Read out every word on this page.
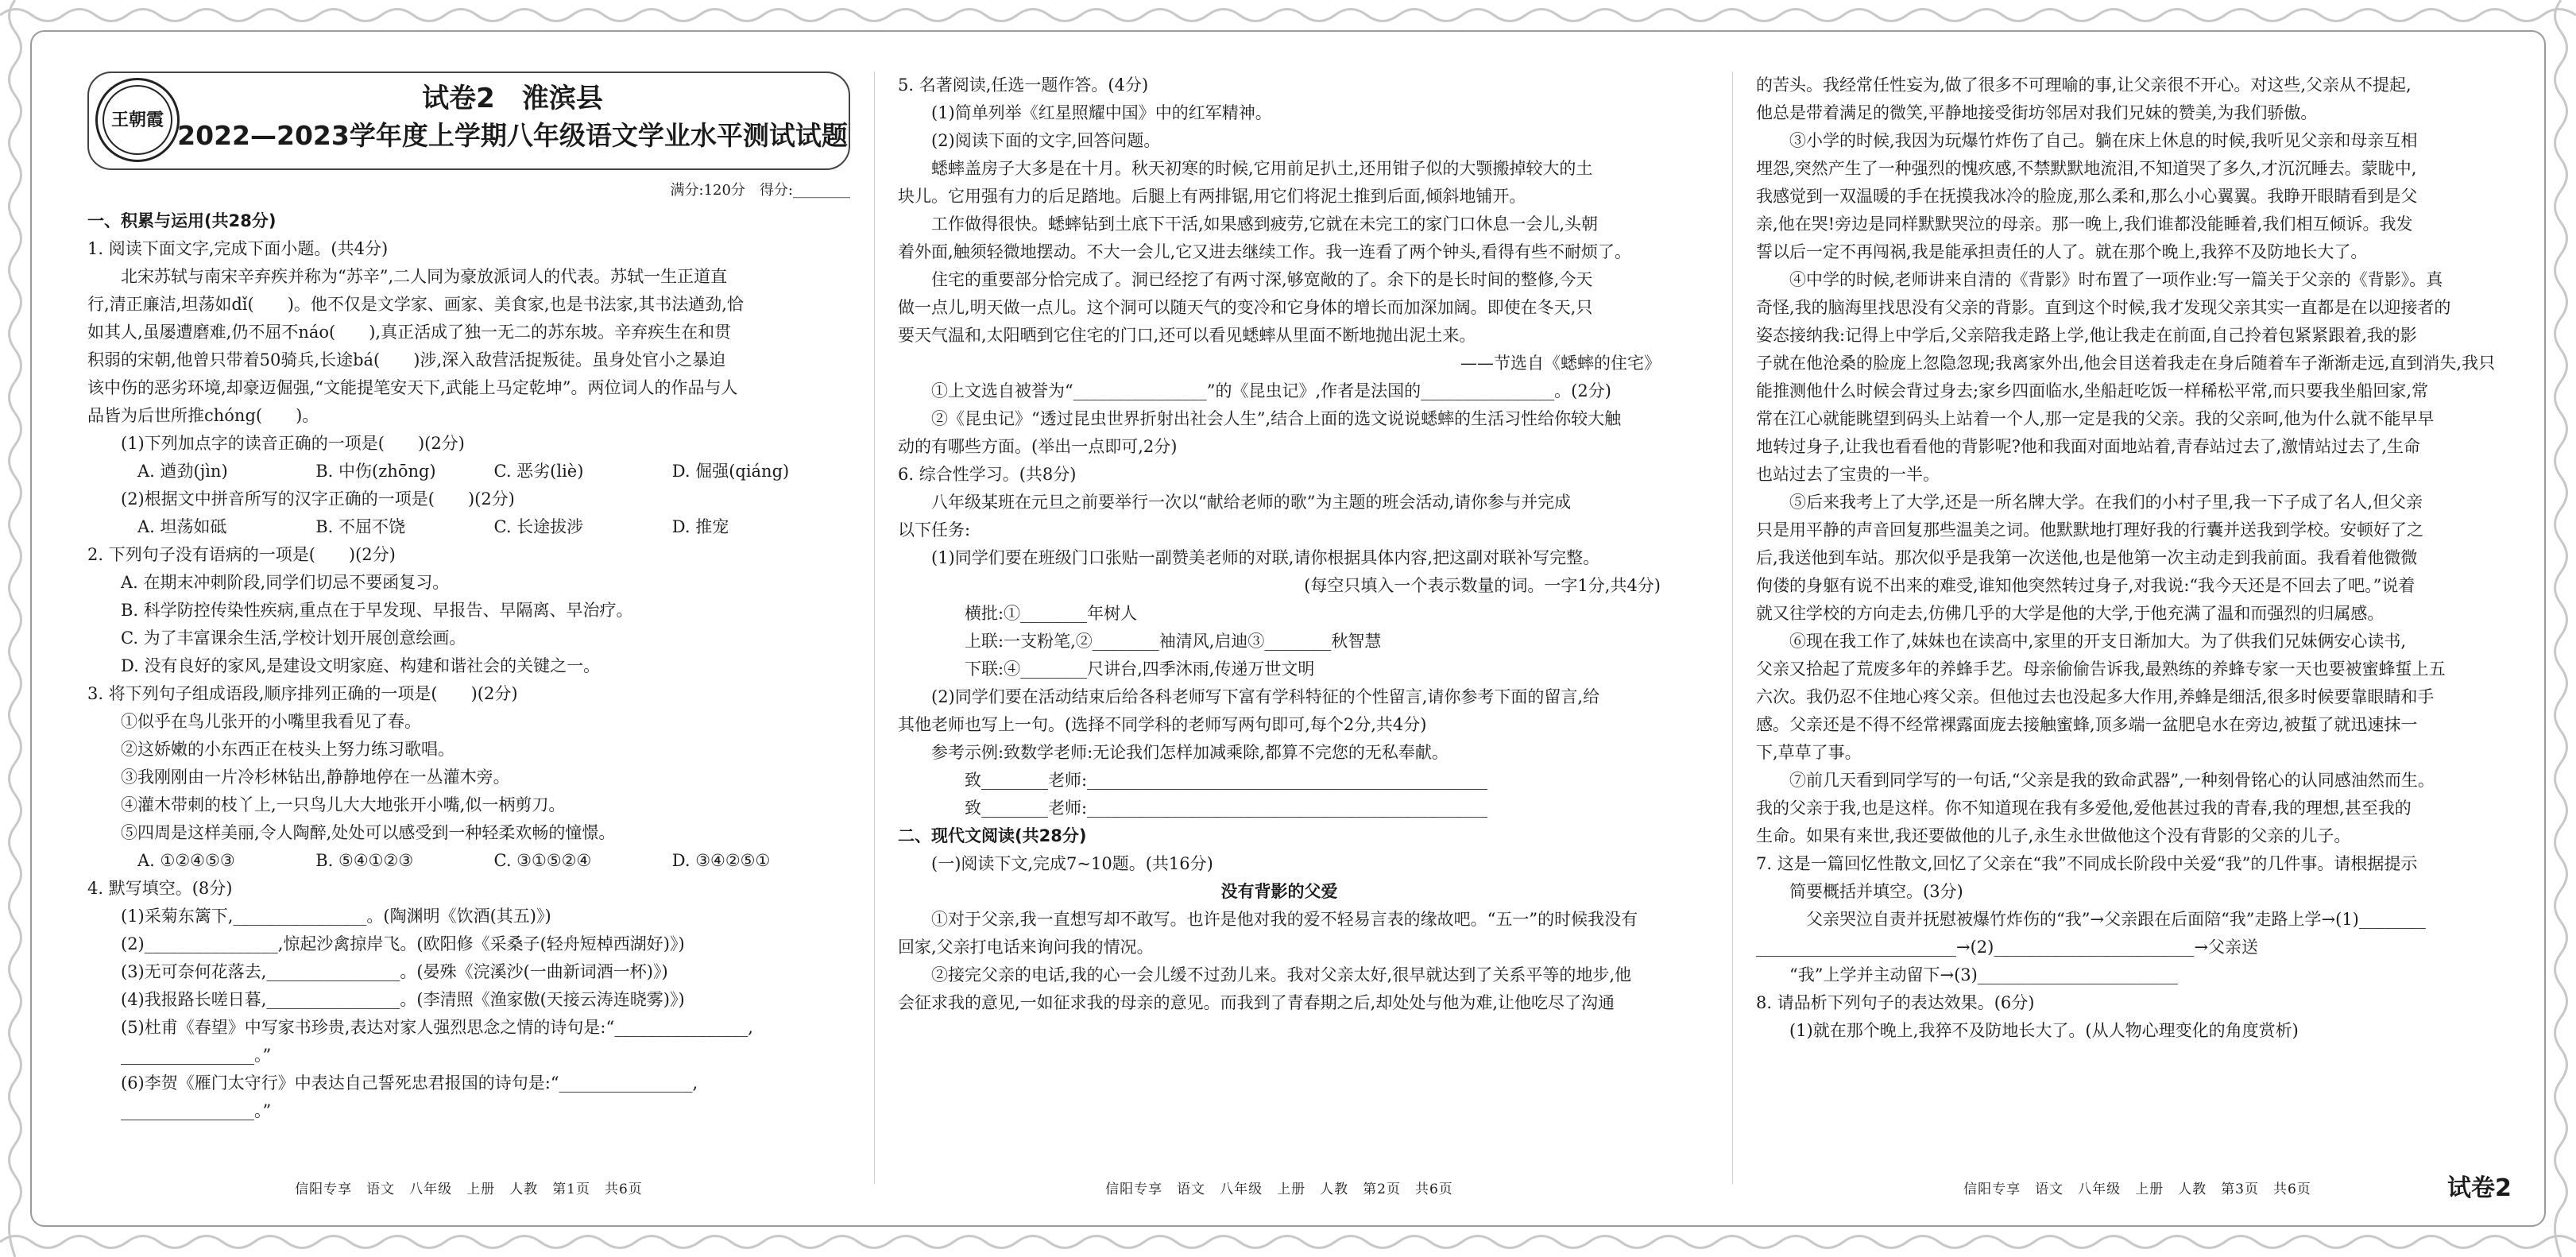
王朝霞
试卷2　淮滨县
2022—2023学年度上学期八年级语文学业水平测试试题
满分:120分　得分:________
一、积累与运用(共28分)
1. 阅读下面文字,完成下面小题。(共4分)
北宋苏轼与南宋辛弃疾并称为“苏辛”,二人同为豪放派词人的代表。苏轼一生正道直
行,清正廉洁,坦荡如dǐ(　　)。他不仅是文学家、画家、美食家,也是书法家,其书法遒劲,恰
如其人,虽屡遭磨难,仍不屈不náo(　　),真正活成了独一无二的苏东坡。辛弃疾生在和贯
积弱的宋朝,他曾只带着50骑兵,长途bá(　　)涉,深入敌营活捉叛徒。虽身处官小之暴迫
该中伤的恶劣环境,却豪迈倔强,“文能提笔安天下,武能上马定乾坤”。两位词人的作品与人
品皆为后世所推chóng(　　)。
(1)下列加点字的读音正确的一项是(　　)(2分)
A. 遒劲(jìn)	B. 中伤(zhōng)	C. 恶劣(liè)	D. 倔强(qiáng)
(2)根据文中拼音所写的汉字正确的一项是(　　)(2分)
A. 坦荡如砥	B. 不屈不饶	C. 长途拔涉	D. 推宠
2. 下列句子没有语病的一项是(　　)(2分)
A. 在期末冲刺阶段,同学们切忌不要函复习。
B. 科学防控传染性疾病,重点在于早发现、早报告、早隔离、早治疗。
C. 为了丰富课余生活,学校计划开展创意绘画。
D. 没有良好的家风,是建设文明家庭、构建和谐社会的关键之一。
3. 将下列句子组成语段,顺序排列正确的一项是(　　)(2分)
①似乎在鸟儿张开的小嘴里我看见了春。
②这娇嫩的小东西正在枝头上努力练习歌唱。
③我刚刚由一片冷杉林钻出,静静地停在一丛灌木旁。
④灌木带刺的枝丫上,一只鸟儿大大地张开小嘴,似一柄剪刀。
⑤四周是这样美丽,令人陶醉,处处可以感受到一种轻柔欢畅的憧憬。
A. ①②④⑤③	B. ⑤④①②③	C. ③①⑤②④	D. ③④②⑤①
4. 默写填空。(8分)
(1)采菊东篱下,________________。(陶渊明《饮酒(其五)》)
(2)________________,惊起沙禽掠岸飞。(欧阳修《采桑子(轻舟短棹西湖好)》)
(3)无可奈何花落去,________________。(晏殊《浣溪沙(一曲新词酒一杯)》)
(4)我报路长嗟日暮,________________。(李清照《渔家傲(天接云涛连晓雾)》)
(5)杜甫《春望》中写家书珍贵,表达对家人强烈思念之情的诗句是:“________________,
________________。”
(6)李贺《雁门太守行》中表达自己誓死忠君报国的诗句是:“________________,
________________。”
5. 名著阅读,任选一题作答。(4分)
(1)简单列举《红星照耀中国》中的红军精神。
(2)阅读下面的文字,回答问题。
蟋蟀盖房子大多是在十月。秋天初寒的时候,它用前足扒土,还用钳子似的大颚搬掉较大的土
块儿。它用强有力的后足踏地。后腿上有两排锯,用它们将泥土推到后面,倾斜地铺开。
工作做得很快。蟋蟀钻到土底下干活,如果感到疲劳,它就在未完工的家门口休息一会儿,头朝
着外面,触须轻微地摆动。不大一会儿,它又进去继续工作。我一连看了两个钟头,看得有些不耐烦了。
住宅的重要部分恰完成了。洞已经挖了有两寸深,够宽敞的了。余下的是长时间的整修,今天
做一点儿,明天做一点儿。这个洞可以随天气的变冷和它身体的增长而加深加阔。即使在冬天,只
要天气温和,太阳晒到它住宅的门口,还可以看见蟋蟀从里面不断地抛出泥土来。
——节选自《蟋蟀的住宅》
①上文选自被誉为“________________”的《昆虫记》,作者是法国的________________。(2分)
②《昆虫记》“透过昆虫世界折射出社会人生”,结合上面的选文说说蟋蟀的生活习性给你较大触
动的有哪些方面。(举出一点即可,2分)
6. 综合性学习。(共8分)
八年级某班在元旦之前要举行一次以“献给老师的歌”为主题的班会活动,请你参与并完成
以下任务:
(1)同学们要在班级门口张贴一副赞美老师的对联,请你根据具体内容,把这副对联补写完整。
(每空只填入一个表示数量的词。一字1分,共4分)
横批:①________年树人
上联:一支粉笔,②________袖清风,启迪③________秋智慧
下联:④________尺讲台,四季沐雨,传递万世文明
(2)同学们要在活动结束后给各科老师写下富有学科特征的个性留言,请你参考下面的留言,给
其他老师也写上一句。(选择不同学科的老师写两句即可,每个2分,共4分)
参考示例:致数学老师:无论我们怎样加减乘除,都算不完您的无私奉献。
致________老师:________________________________________________
致________老师:________________________________________________
二、现代文阅读(共28分)
(一)阅读下文,完成7~10题。(共16分)
没有背影的父爱
①对于父亲,我一直想写却不敢写。也许是他对我的爱不轻易言表的缘故吧。“五一”的时候我没有
回家,父亲打电话来询问我的情况。
②接完父亲的电话,我的心一会儿缓不过劲儿来。我对父亲太好,很早就达到了关系平等的地步,他
会征求我的意见,一如征求我的母亲的意见。而我到了青春期之后,却处处与他为难,让他吃尽了沟通
的苦头。我经常任性妄为,做了很多不可理喻的事,让父亲很不开心。对这些,父亲从不提起,
他总是带着满足的微笑,平静地接受街坊邻居对我们兄妹的赞美,为我们骄傲。
③小学的时候,我因为玩爆竹炸伤了自己。躺在床上休息的时候,我听见父亲和母亲互相
埋怨,突然产生了一种强烈的愧疚感,不禁默默地流泪,不知道哭了多久,才沉沉睡去。蒙眬中,
我感觉到一双温暖的手在抚摸我冰冷的脸庞,那么柔和,那么小心翼翼。我睁开眼睛看到是父
亲,他在哭!旁边是同样默默哭泣的母亲。那一晚上,我们谁都没能睡着,我们相互倾诉。我发
誓以后一定不再闯祸,我是能承担责任的人了。就在那个晚上,我猝不及防地长大了。
④中学的时候,老师讲来自清的《背影》时布置了一项作业:写一篇关于父亲的《背影》。真
奇怪,我的脑海里找思没有父亲的背影。直到这个时候,我才发现父亲其实一直都是在以迎接者的
姿态接纳我:记得上中学后,父亲陪我走路上学,他让我走在前面,自己拎着包紧紧跟着,我的影
子就在他沧桑的脸庞上忽隐忽现;我离家外出,他会目送着我走在身后随着车子渐渐走远,直到消失,我只
能推测他什么时候会背过身去;家乡四面临水,坐船赶吃饭一样稀松平常,而只要我坐船回家,常
常在江心就能眺望到码头上站着一个人,那一定是我的父亲。我的父亲呵,他为什么就不能早早
地转过身子,让我也看看他的背影呢?他和我面对面地站着,青春站过去了,激情站过去了,生命
也站过去了宝贵的一半。
⑤后来我考上了大学,还是一所名牌大学。在我们的小村子里,我一下子成了名人,但父亲
只是用平静的声音回复那些温美之词。他默默地打理好我的行囊并送我到学校。安顿好了之
后,我送他到车站。那次似乎是我第一次送他,也是他第一次主动走到我前面。我看着他微微
佝偻的身躯有说不出来的难受,谁知他突然转过身子,对我说:“我今天还是不回去了吧。”说着
就又往学校的方向走去,仿佛几乎的大学是他的大学,于他充满了温和而强烈的归属感。
⑥现在我工作了,妹妹也在读高中,家里的开支日渐加大。为了供我们兄妹俩安心读书,
父亲又拾起了荒废多年的养蜂手艺。母亲偷偷告诉我,最熟练的养蜂专家一天也要被蜜蜂蜇上五
六次。我仍忍不住地心疼父亲。但他过去也没起多大作用,养蜂是细活,很多时候要靠眼睛和手
感。父亲还是不得不经常裸露面庞去接触蜜蜂,顶多端一盆肥皂水在旁边,被蜇了就迅速抹一
下,草草了事。
⑦前几天看到同学写的一句话,“父亲是我的致命武器”,一种刻骨铭心的认同感油然而生。
我的父亲于我,也是这样。你不知道现在我有多爱他,爱他甚过我的青春,我的理想,甚至我的
生命。如果有来世,我还要做他的儿子,永生永世做他这个没有背影的父亲的儿子。
7. 这是一篇回忆性散文,回忆了父亲在“我”不同成长阶段中关爱“我”的几件事。请根据提示
简要概括并填空。(3分)
　父亲哭泣自责并抚慰被爆竹炸伤的“我”→父亲跟在后面陪“我”走路上学→(1)________
________________________→(2)________________________→父亲送
“我”上学并主动留下→(3)________________________
8. 请品析下列句子的表达效果。(6分)
(1)就在那个晚上,我猝不及防地长大了。(从人物心理变化的角度赏析)
信阳专享　语文　八年级　上册　人教　第1页　共6页	信阳专享　语文　八年级　上册　人教　第2页　共6页	信阳专享　语文　八年级　上册　人教　第3页　共6页	试卷2
